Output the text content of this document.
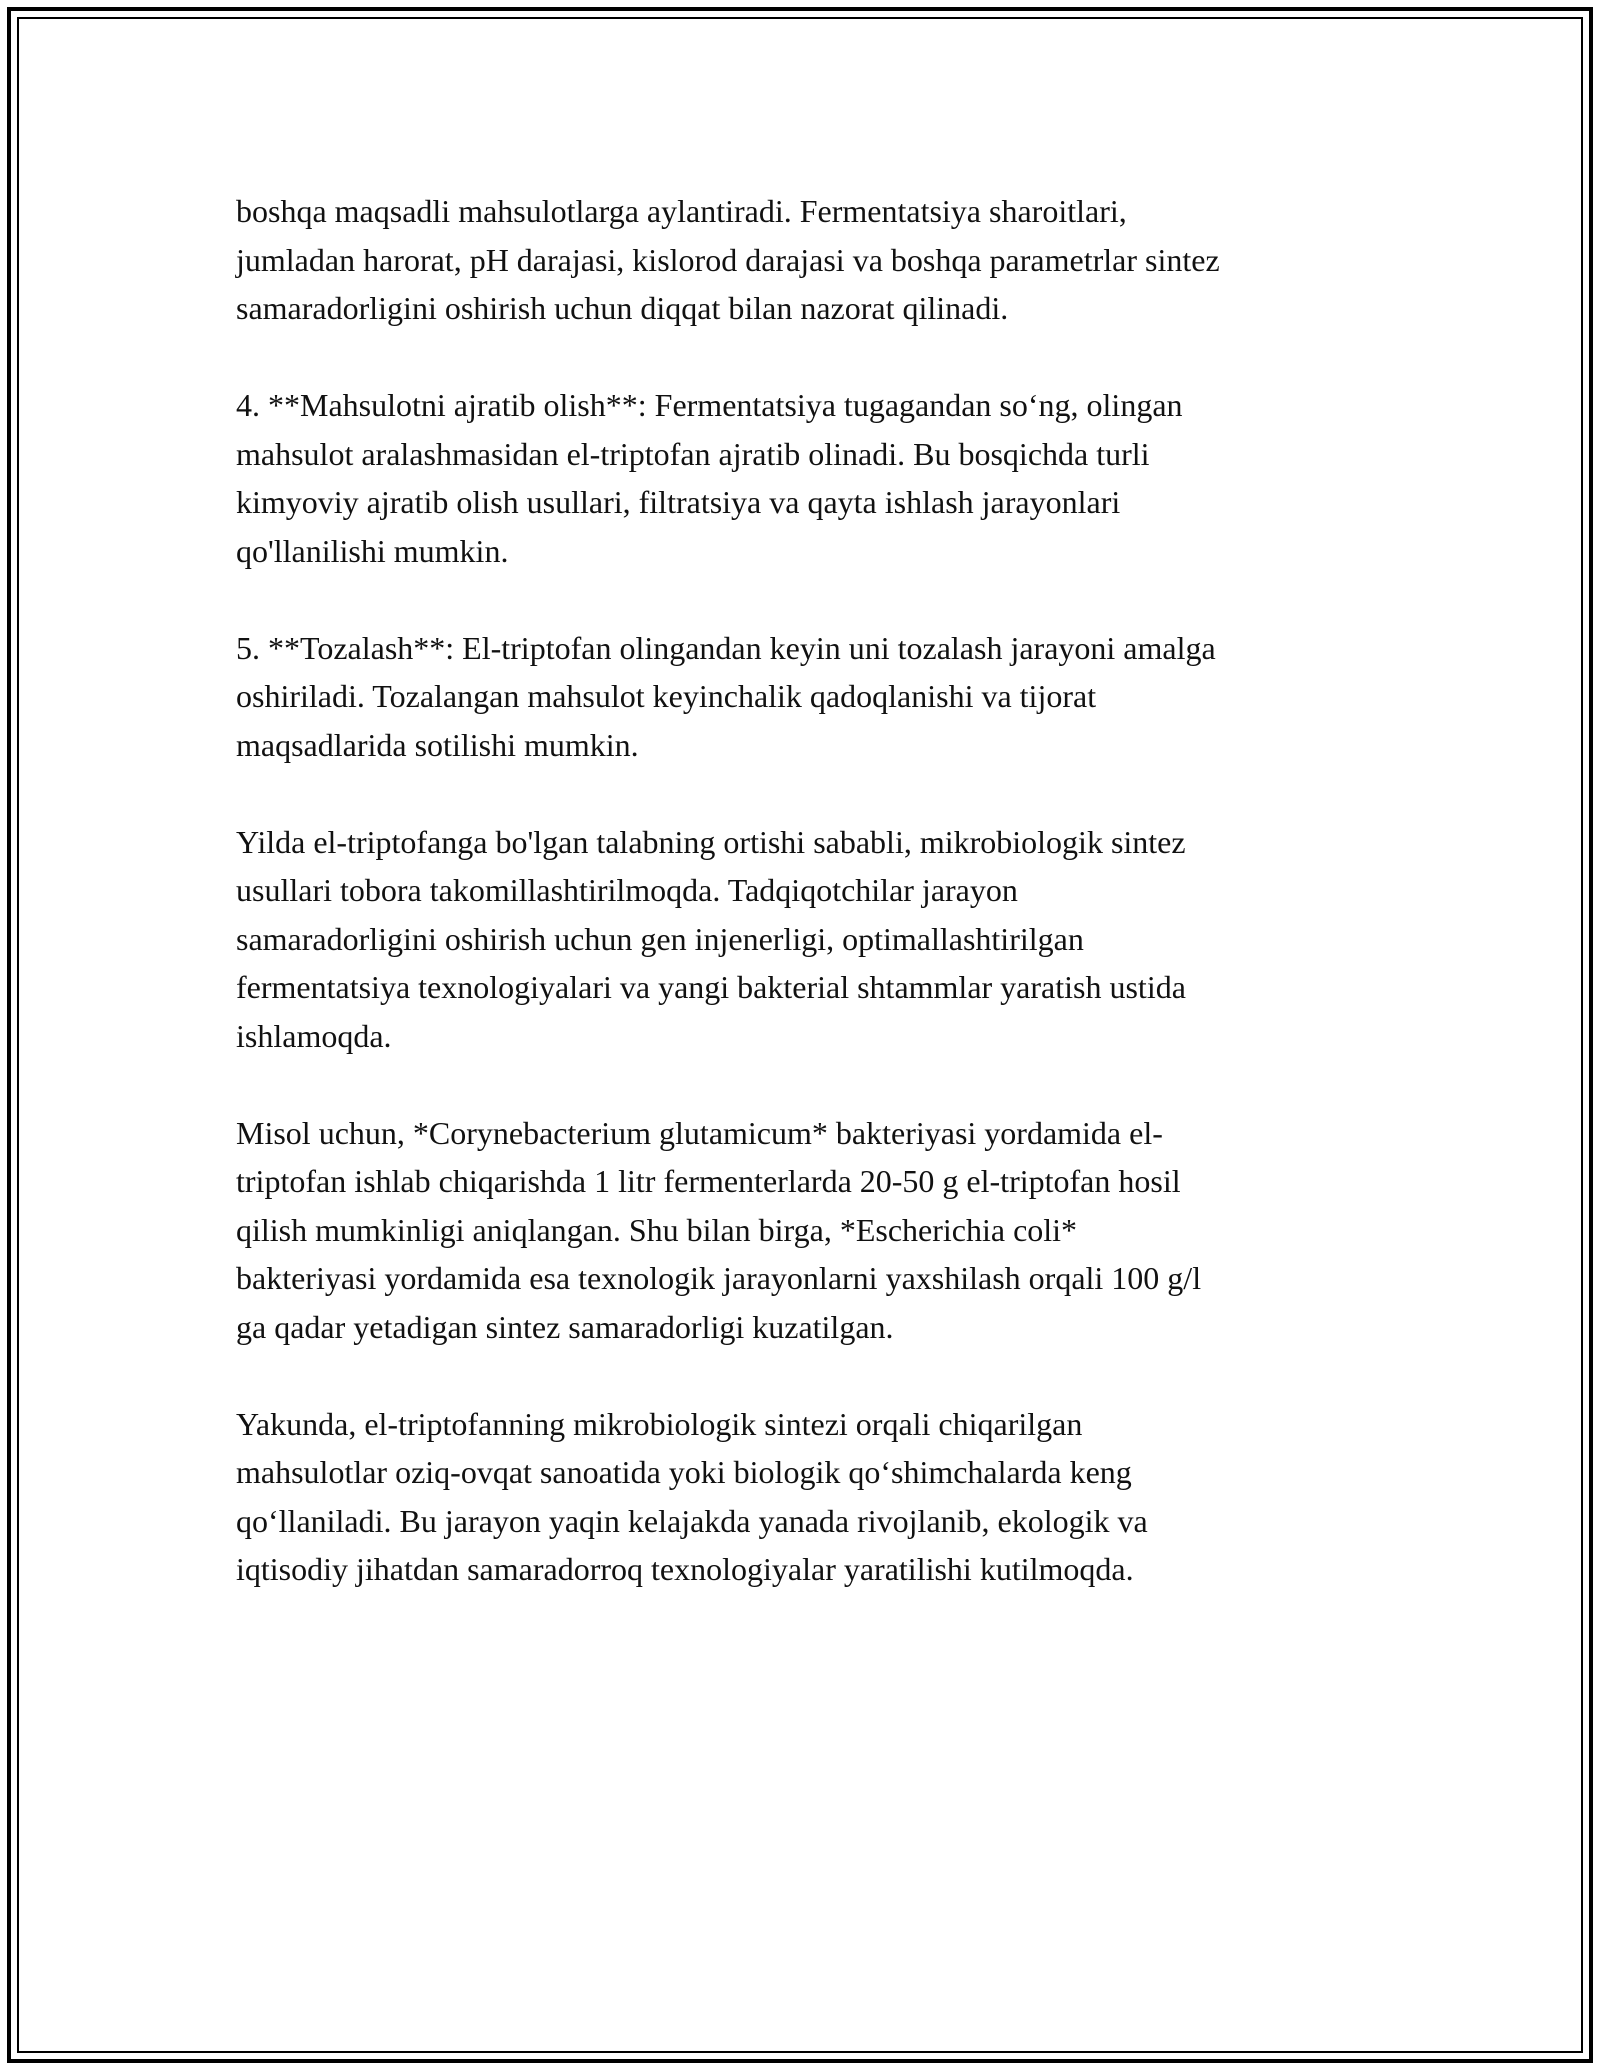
boshqa maqsadli mahsulotlarga aylantiradi. Fermentatsiya sharoitlari,
jumladan harorat, pH darajasi, kislorod darajasi va boshqa parametrlar sintez
samaradorligini oshirish uchun diqqat bilan nazorat qilinadi.

4. **Mahsulotni ajratib olish**: Fermentatsiya tugagandan so‘ng, olingan
mahsulot aralashmasidan el-triptofan ajratib olinadi. Bu bosqichda turli
kimyoviy ajratib olish usullari, filtratsiya va qayta ishlash jarayonlari
qo'llanilishi mumkin.

5. **Tozalash**: El-triptofan olingandan keyin uni tozalash jarayoni amalga
oshiriladi. Tozalangan mahsulot keyinchalik qadoqlanishi va tijorat
maqsadlarida sotilishi mumkin.

Yilda el-triptofanga bo'lgan talabning ortishi sababli, mikrobiologik sintez
usullari tobora takomillashtirilmoqda. Tadqiqotchilar jarayon
samaradorligini oshirish uchun gen injenerligi, optimallashtirilgan
fermentatsiya texnologiyalari va yangi bakterial shtammlar yaratish ustida
ishlamoqda.

Misol uchun, *Corynebacterium glutamicum* bakteriyasi yordamida el-
triptofan ishlab chiqarishda 1 litr fermenterlarda 20-50 g el-triptofan hosil
qilish mumkinligi aniqlangan. Shu bilan birga, *Escherichia coli*
bakteriyasi yordamida esa texnologik jarayonlarni yaxshilash orqali 100 g/l
ga qadar yetadigan sintez samaradorligi kuzatilgan.

Yakunda, el-triptofanning mikrobiologik sintezi orqali chiqarilgan
mahsulotlar oziq-ovqat sanoatida yoki biologik qo‘shimchalarda keng
qo‘llaniladi. Bu jarayon yaqin kelajakda yanada rivojlanib, ekologik va
iqtisodiy jihatdan samaradorroq texnologiyalar yaratilishi kutilmoqda.
